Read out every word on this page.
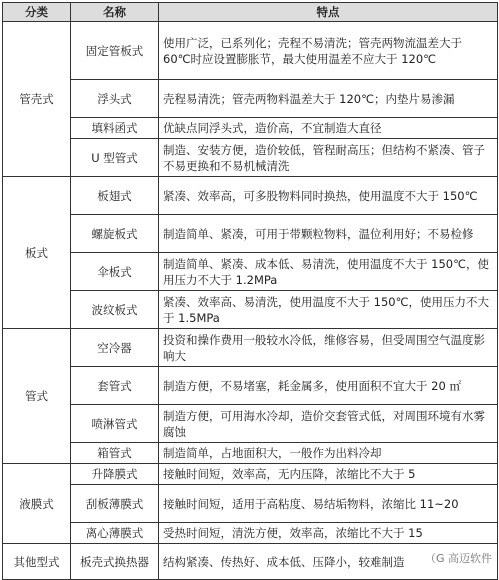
分类	名称	特点
管壳式	固定管板式	使用广泛，已系列化；壳程不易清洗；管壳两物流温差大于 60℃时应设置膨胀节，最大使用温差不应大于 120℃
	浮头式	壳程易清洗；管壳两物料温差大于 120℃；内垫片易渗漏
	填料函式	优缺点同浮头式，造价高，不宜制造大直径
	U 型管式	制造、安装方便，造价较低，管程耐高压；但结构不紧凑、管子不易更换和不易机械清洗
板式	板翅式	紧凑、效率高，可多股物料同时换热，使用温度不大于 150℃
	螺旋板式	制造简单、紧凑，可用于带颗粒物料，温位利用好；不易检修
	伞板式	制造简单、紧凑、成本低、易清洗，使用温度不大于 150℃，使用压力不大于 1.2MPa
	波纹板式	紧凑、效率高、易清洗，使用温度不大于 150℃，使用压力不大于 1.5MPa
管式	空冷器	投资和操作费用一般较水冷低，维修容易，但受周围空气温度影响大
	套管式	制造方便，不易堵塞，耗金属多，使用面积不宜大于 20 ㎡
	喷淋管式	制造方便，可用海水冷却，造价交套管式低，对周围环境有水雾腐蚀
	箱管式	制造简单，占地面积大，一般作为出料冷却
液膜式	升降膜式	接触时间短，效率高，无内压降，浓缩比不大于 5
	刮板薄膜式	接触时间短，适用于高粘度、易结垢物料，浓缩比 11~20
	离心薄膜式	受热时间短，清洗方便，效率高，浓缩比不大于 15
其他型式	板壳式换热器	结构紧凑、传热好、成本低、压降小，较难制造 （G 高迈软件
